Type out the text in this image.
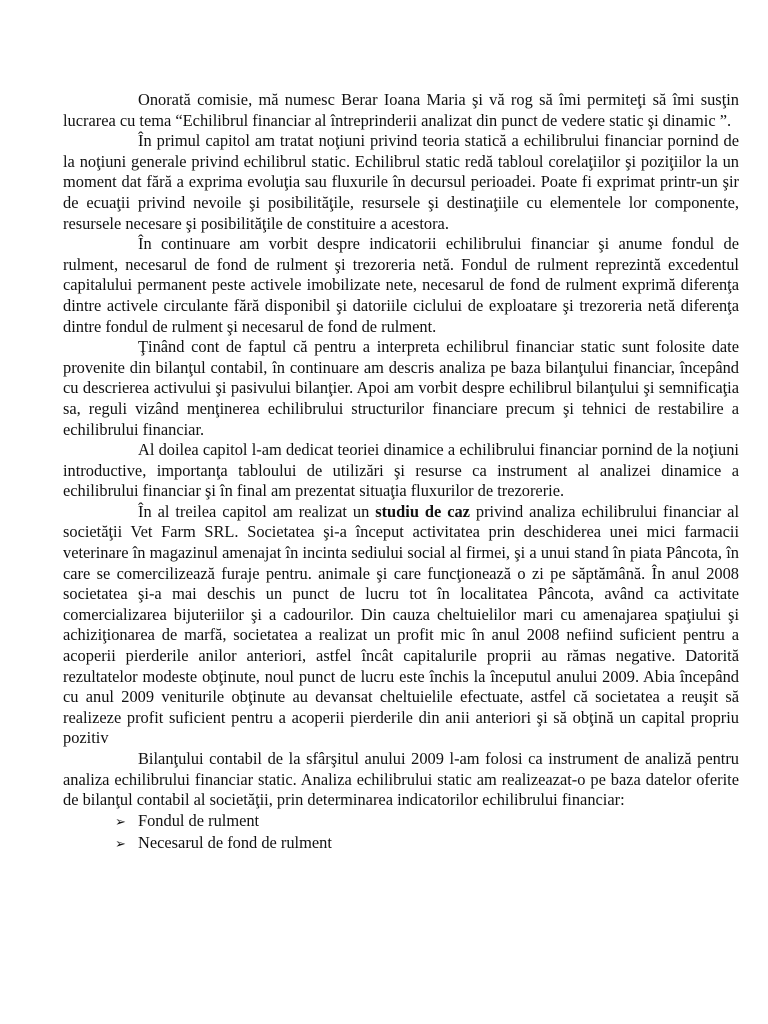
Onorată comisie, mă numesc Berar Ioana Maria şi vă rog să îmi permiteţi să îmi susţin lucrarea cu tema “Echilibrul financiar al întreprinderii analizat din punct de vedere static şi dinamic ”.

În primul capitol am tratat noţiuni privind teoria statică a echilibrului financiar pornind de la noţiuni generale privind echilibrul static. Echilibrul static redă tabloul corelaţiilor şi poziţiilor la un moment dat fără a exprima evoluţia sau fluxurile în decursul perioadei. Poate fi exprimat printr-un şir de ecuaţii privind nevoile şi posibilităţile, resursele şi destinaţiile cu elementele lor componente, resursele necesare şi posibilităţile de constituire a acestora.

În continuare am vorbit despre indicatorii echilibrului financiar şi anume fondul de rulment, necesarul de fond de rulment şi trezoreria netă. Fondul de rulment reprezintă excedentul capitalului permanent peste activele imobilizate nete, necesarul de fond de rulment exprimă diferenţa dintre activele circulante fără disponibil şi datoriile ciclului de exploatare şi trezoreria netă diferenţa dintre fondul de rulment şi necesarul de fond de rulment.

Ţinând cont de faptul că pentru a interpreta echilibrul financiar static sunt folosite date provenite din bilanţul contabil, în continuare am descris analiza pe baza bilanţului financiar, începând cu descrierea activului şi pasivului bilanţier. Apoi am vorbit despre echilibrul bilanţului şi semnificaţia sa, reguli vizând menţinerea echilibrului structurilor financiare precum şi tehnici de restabilire a echilibrului financiar.

Al doilea capitol l-am dedicat teoriei dinamice a echilibrului financiar pornind de la noţiuni introductive, importanţa tabloului de utilizări şi resurse ca instrument al analizei dinamice a echilibrului financiar şi în final am prezentat situaţia fluxurilor de trezorerie.

În al treilea capitol am realizat un studiu de caz privind analiza echilibrului financiar al societăţii Vet Farm SRL. Societatea şi-a început activitatea prin deschiderea unei mici farmacii veterinare în magazinul amenajat în incinta sediului social al firmei, şi a unui stand în piata Pâncota, în care se comercilizează furaje pentru. animale şi care funcţionează o zi pe săptămână. În anul 2008 societatea şi-a mai deschis un punct de lucru tot în localitatea Pâncota, având ca activitate comercializarea bijuteriilor şi a cadourilor. Din cauza cheltuielilor mari cu amenajarea spaţiului şi achiziţionarea de marfă, societatea a realizat un profit mic în anul 2008 nefiind suficient pentru a acoperii pierderile anilor anteriori, astfel încât capitalurile proprii au rămas negative. Datorită rezultatelor modeste obţinute, noul punct de lucru este închis la începutul anului 2009. Abia începând cu anul 2009 veniturile obţinute au devansat cheltuielile efectuate, astfel că societatea a reuşit să realizeze profit suficient pentru a acoperii pierderile din anii anteriori şi să obţină un capital propriu pozitiv

Bilanţului contabil de la sfârşitul anului 2009 l-am folosi ca instrument de analiză pentru analiza echilibrului financiar static. Analiza echilibrului static am realizeazat-o pe baza datelor oferite de bilanţul contabil al societăţii, prin determinarea indicatorilor echilibrului financiar:

➢ Fondul de rulment
➢ Necesarul de fond de rulment
